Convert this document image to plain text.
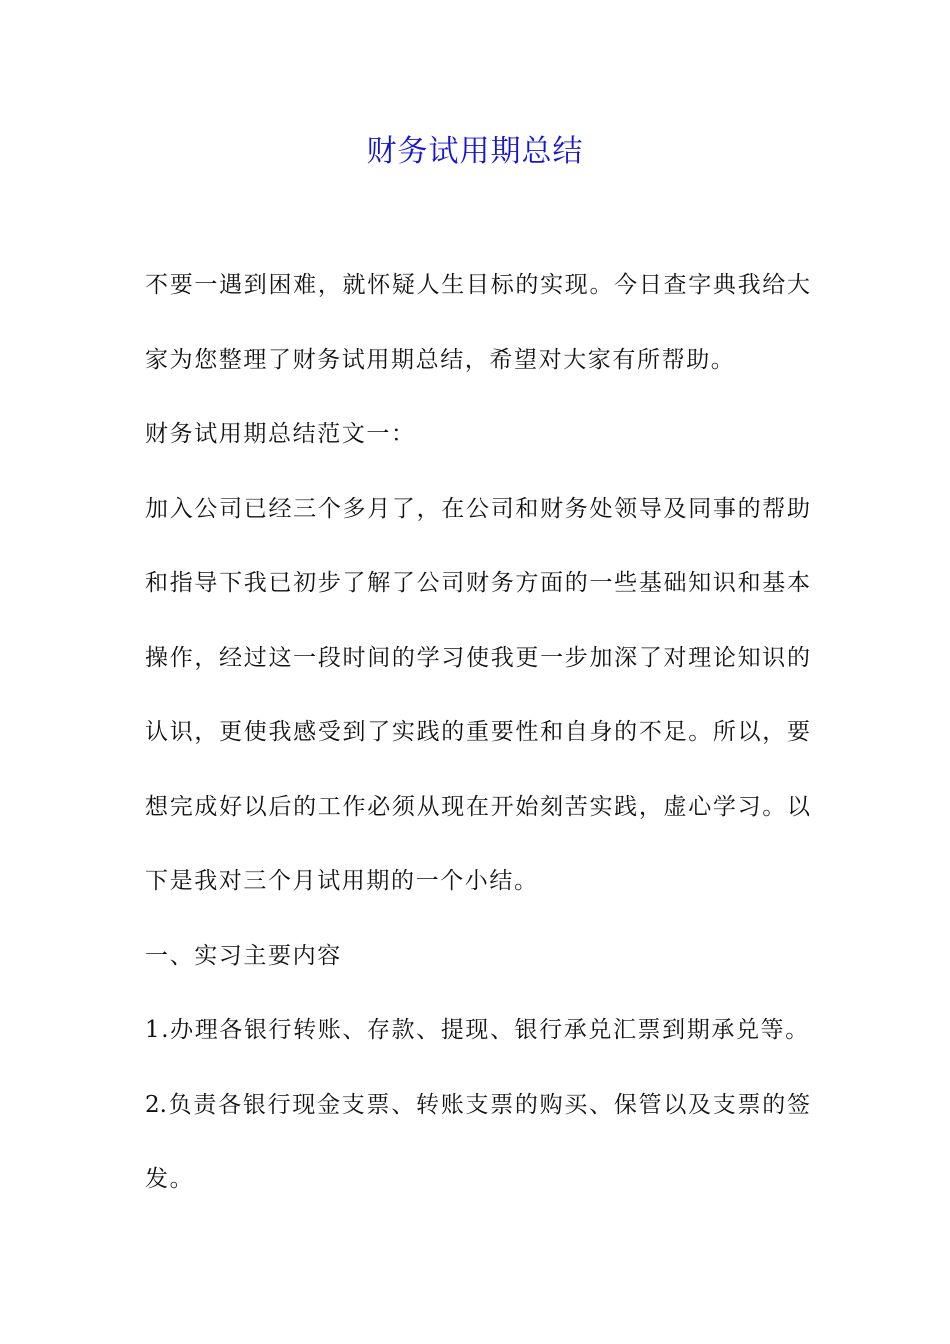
财务试用期总结
不要一遇到困难，就怀疑人生目标的实现。今日查字典我给大
家为您整理了财务试用期总结，希望对大家有所帮助。
财务试用期总结范文一：
加入公司已经三个多月了，在公司和财务处领导及同事的帮助
和指导下我已初步了解了公司财务方面的一些基础知识和基本
操作，经过这一段时间的学习使我更一步加深了对理论知识的
认识，更使我感受到了实践的重要性和自身的不足。所以，要
想完成好以后的工作必须从现在开始刻苦实践，虚心学习。以
下是我对三个月试用期的一个小结。
一、实习主要内容
1.办理各银行转账、存款、提现、银行承兑汇票到期承兑等。
2.负责各银行现金支票、转账支票的购买、保管以及支票的签
发。
